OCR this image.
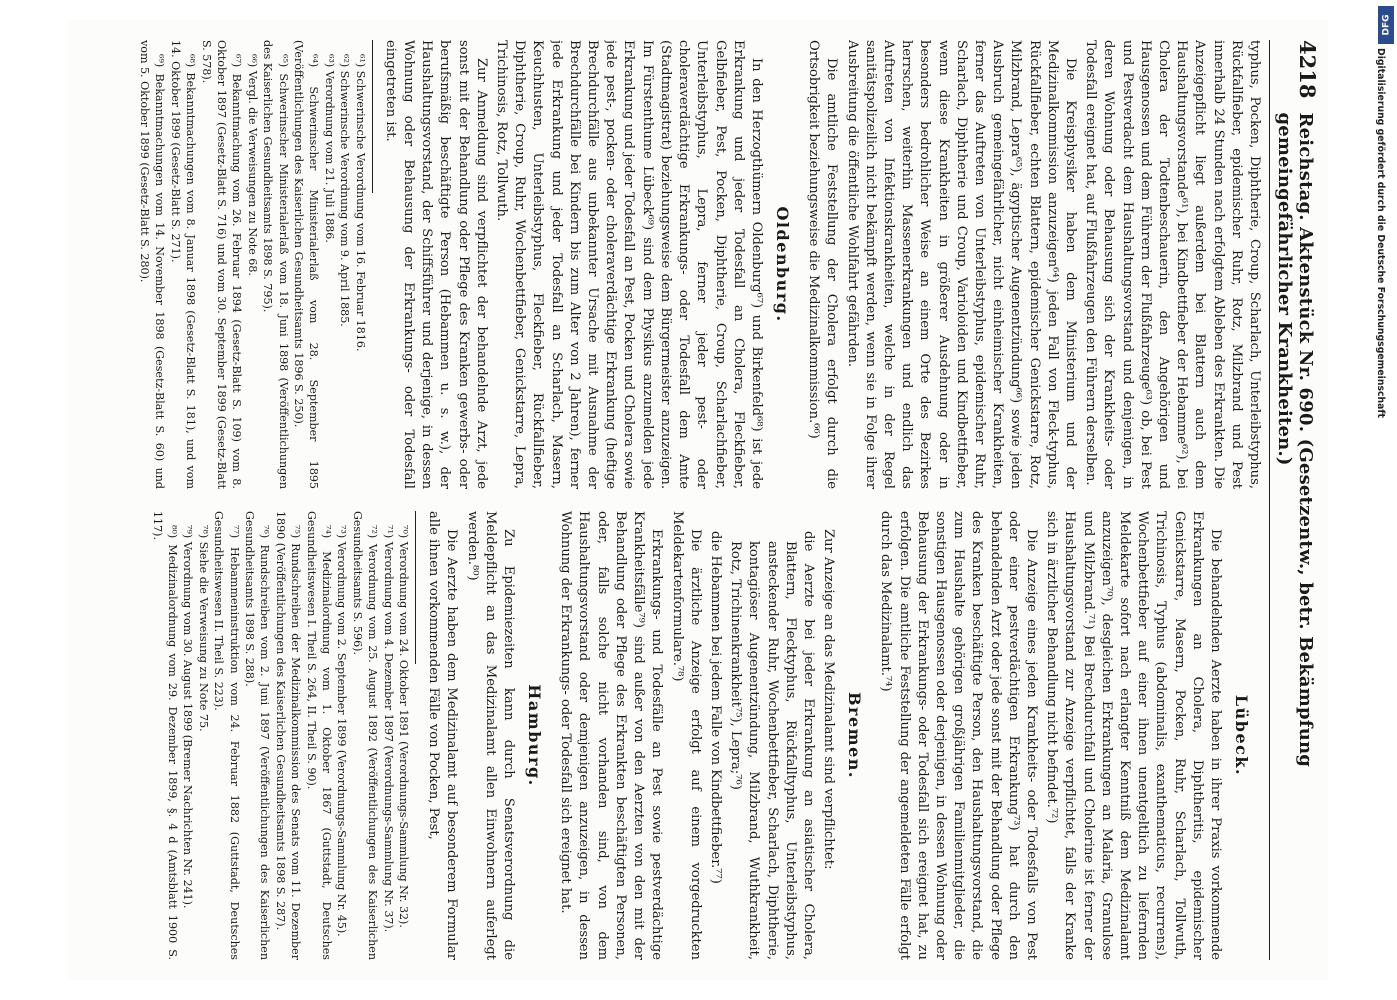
4218
Reichstag. Aktenstück Nr. 690. (Gesetzentw., betr. Bekämpfung gemeingefährlicher Krankheiten.)

typhus, Pocken, Diphtherie, Croup, Scharlach, Unterleibstyphus, Rückfallfieber, epidemischer Ruhr, Rotz, Milzbrand und Pest innerhalb 24 Stunden nach erfolgtem Ableben des Erkrankten. Die Anzeigepflicht liegt außerdem bei Blattern auch dem Haushaltungsvorstande⁶¹), bei Kindbettfieber der Hebamme⁶²), bei Cholera der Todtenbeschauerin, den Angehörigen und Hausgenossen und dem Führern der Flußfahrzeuge⁶³) ob, bei Pest und Pestverdacht dem Haushaltungsvorstand und denjenigen, in deren Wohnung oder Behausung sich der Krankheits- oder Todesfall ereignet hat, auf Flußfahrzeugen den Führern derselben.

Die Kreisphysiker haben dem Ministerium und der Medizinalkommission anzuzeigen⁶⁴) jeden Fall von Fleck-typhus, Rückfallfieber, echten Blattern, epidemischer Genickstarre, Rotz, Milzbrand, Lepra⁶⁵), ägyptischer Augenentzündung⁶⁶) sowie jeden Ausbruch gemeingefährlicher, nicht einheimischer Krankheiten, ferner das Auftreten von Unterleibstyphus, epidemischer Ruhr, Scharlach, Diphtherie und Croup, Varioloiden und Kindbettfieber, wenn diese Krankheiten in größerer Ausdehnung oder in besonders bedrohlicher Weise an einem Orte des Bezirkes herrschen, weiterhin Massenerkrankungen und endlich das Auftreten von Infektionskrankheiten, welche in der Regel sanitätspolizeilich nicht bekämpft werden, wenn sie in Folge ihrer Ausbreitung die öffentliche Wohlfahrt gefährden.

Die amtliche Feststellung der Cholera erfolgt durch die Ortsobrigkeit beziehungsweise die Medizinalkommission.⁶⁶)

Oldenburg.

In den Herzogthümern Oldenburg⁶⁷) und Birkenfeld⁶⁸) ist jede Erkrankung und jeder Todesfall an Cholera, Fleckfieber, Gelbfieber, Pest, Pocken, Diphtherie, Croup, Scharlachfieber, Unterleibstyphus, Lepra, ferner jeder pest- oder choleraverdächtige Erkrankungs- oder Todesfall dem Amte (Stadtmagistrat) beziehungsweise dem Bürgermeister anzuzeigen. Im Fürstenthume Lübeck⁶⁹) sind dem Physikus anzumelden jede Erkrankung und jeder Todesfall an Pest, Pocken und Cholera sowie jede pest-, pocken- oder choleraverdächtige Erkrankung (heftige Brechdurchfälle aus unbekannter Ursache mit Ausnahme der Brechdurchfälle bei Kindern bis zum Alter von 2 Jahren), ferner jede Erkrankung und jeder Todesfall an Scharlach, Masern, Keuchhusten, Unterleibstyphus, Fleckfieber, Rückfallfieber, Diphtherie, Croup, Ruhr, Wochenbettfieber, Genickstarre, Lepra, Trichinosis, Rotz, Tollwuth.

Zur Anmeldung sind verpflichtet der behandelnde Arzt, jede sonst mit der Behandlung oder Pflege des Kranken gewerbs- oder berufsmäßig beschäftigte Person (Hebammen u. s. w.), der Haushaltungsvorstand, der Schiffsführer und derjenige, in dessen Wohnung oder Behausung der Erkrankungs- oder Todesfall eingetreten ist.

⁶¹) Schwerinsche Verordnung vom 16. Februar 1816.

⁶²) Schwerinsche Verordnung vom 9. April 1885.

⁶³) Verordnung vom 21. Juli 1886.

⁶⁴) Schwerinscher Ministerialerlaß vom 28. September 1895 (Veröffentlichungen des Kaiserlichen Gesundheitsamts 1896 S. 250).

⁶⁵) Schwerinscher Ministerialerlaß vom 18. Juni 1898 (Veröffentlichungen des Kaiserlichen Gesundheitsamts 1898 S. 795).

⁶⁶) Vergl. die Verweisungen zu Note 68.

⁶⁷) Bekanntmachung vom 26. Februar 1894 (Gesetz-Blatt S. 109) vom 8. Oktober 1897 (Gesetz-Blatt S. 716) und vom 30. September 1899 (Gesetz-Blatt S. 578).

⁶⁸) Bekanntmachungen vom 8. Januar 1898 (Gesetz-Blatt S. 181), und vom 14. Oktober 1899 (Gesetz-Blatt S. 271).

⁶⁹) Bekanntmachungen vom 14. November 1898 (Gesetz-Blatt S. 60) und vom 5. Oktober 1899 (Gesetz-Blatt S. 280).

Lübeck.

Die behandelnden Aerzte haben in ihrer Praxis vorkommende Erkrankungen an Cholera, Diphtheritis, epidemischer Genickstarre, Masern, Pocken, Ruhr, Scharlach, Tollwuth, Trichinosis, Typhus (abdominalis, exanthematicus, recurrens), Wochenbettfieber auf einer ihnen unentgeltlich zu liefernden Meldekarte sofort nach erlangter Kenntniß dem Medizinalamt anzuzeigen⁷⁰), desgleichen Erkrankungen an Malaria, Granulose und Milzbrand.⁷¹) Bei Brechdurchfall und Cholerine ist ferner der Haushaltungsvorstand zur Anzeige verpflichtet, falls der Kranke sich in ärztlicher Behandlung nicht befindet.⁷²)

Die Anzeige eines jeden Krankheits- oder Todesfalls von Pest oder einer pestverdächtigen Erkrankung⁷³) hat durch den behandelnden Arzt oder jede sonst mit der Behandlung oder Pflege des Kranken beschäftigte Person, den Haushaltungsvorstand, die zum Haushalte gehörigen großjährigen Familienmitglieder, die sonstigen Hausgenossen oder derjenigen, in dessen Wohnung oder Behausung der Erkrankungs- oder Todesfall sich ereignet hat, zu erfolgen. Die amtliche Feststellung der angemeldeten Fälle erfolgt durch das Medizinalamt.⁷⁴)

Bremen.

Zur Anzeige an das Medizinalamt sind verpflichtet:

die Aerzte bei jeder Erkrankung an asiatischer Cholera, Blattern, Flecktyphus, Rückfalltyphus, Unterleibstyphus, ansteckender Ruhr, Wochenbettfieber, Scharlach, Diphtherie, kontagiöser Augenentzündung, Milzbrand, Wuthkrankheit, Rotz, Trichinenkrankheit⁷⁵), Lepra;⁷⁶)

die Hebammen bei jedem Falle von Kindbettfieber.⁷⁷)

Die ärztliche Anzeige erfolgt auf einem vorgedruckten Meldekartenformulare.⁷⁸)

Erkrankungs- und Todesfälle an Pest sowie pestverdächtige Krankheitsfälle⁷⁹) sind außer von den Aerzten von den mit der Behandlung oder Pflege des Erkrankten beschäftigten Personen, oder, falls solche nicht vorhanden sind, von dem Haushaltungsvorstand oder demjenigen anzuzeigen, in dessen Wohnung der Erkrankungs- oder Todesfall sich ereignet hat.

Hamburg.

Zu Epidemiezeiten kann durch Senatsverordnung die Meldepflicht an das Medizinalamt allen Einwohnern auferlegt werden.⁸⁰)

Die Aerzte haben dem Medizinalamt auf besonderem Formular alle ihnen vorkommenden Fälle von Pocken, Pest,

⁷⁰) Verordnung vom 24. Oktober 1891 (Verordnungs-Sammlung Nr. 32).

⁷¹) Verordnung vom 4. Dezember 1897 (Verordnungs-Sammlung Nr. 37).

⁷²) Verordnung vom 25. August 1892 (Veröffentlichungen des Kaiserlichen Gesundheitsamts S. 596).

⁷³) Verordnung vom 2. September 1899 (Verordnungs-Sammlung Nr. 45).

⁷⁴) Medizinalordnung vom 1. Oktober 1867 (Guttstadt, Deutsches Gesundheitswesen I. Theil S. 264, II. Theil S. 90).

⁷⁵) Rundschreiben der Medizinalkommission des Senats vom 11. Dezember 1890 (Veröffentlichungen des Kaiserlichen Gesundheitsamts 1898 S. 287).

⁷⁶) Rundschreiben vom 2. Juni 1897 (Veröffentlichungen des Kaiserlichen Gesundheitsamts 1898 S. 288).

⁷⁷) Hebammeninstruktion vom 24. Februar 1882 (Guttstadt, Deutsches Gesundheitswesen II. Theil S. 223).

⁷⁸) Siehe die Verweisung zu Note 75.

⁷⁹) Verordnung vom 30. August 1899 (Bremer Nachrichten Nr. 241).

⁸⁰) Medizinalordnung vom 29. Dezember 1899, §. 4 d (Amtsblatt 1900 S. 117).

DFG
Digitalisierung gefördert durch die Deutsche Forschungsgemeinschaft
